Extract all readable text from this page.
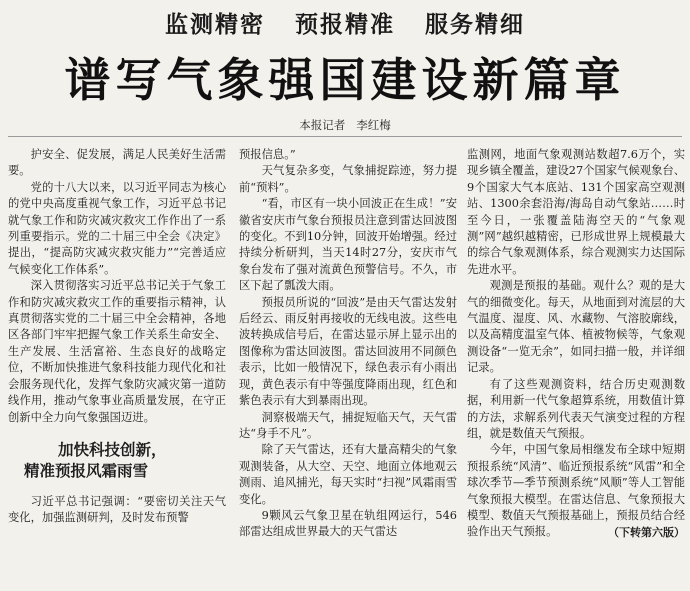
监测精密   预报精准   服务精细
谱写气象强国建设新篇章
本报记者   李红梅

护安全、促发展，满足人民美好生活需要。

党的十八大以来，以习近平同志为核心的党中央高度重视气象工作，习近平总书记就气象工作和防灾减灾救灾工作作出了一系列重要指示。党的二十届三中全会《决定》提出，“提高防灾减灾救灾能力”“完善适应气候变化工作体系”。

深入贯彻落实习近平总书记关于气象工作和防灾减灾救灾工作的重要指示精神，认真贯彻落实党的二十届三中全会精神，各地区各部门牢牢把握气象工作关系生命安全、生产发展、生活富裕、生态良好的战略定位，不断加快推进气象科技能力现代化和社会服务现代化，发挥气象防灾减灾第一道防线作用，推动气象事业高质量发展，在守正创新中全力向气象强国迈进。

加快科技创新，
精准预报风霜雨雪

习近平总书记强调：“要密切关注天气变化，加强监测研判，及时发布预警

预报信息。”

天气复杂多变，气象捕捉踪迹，努力提前“预料”。

“看，市区有一块小回波正在生成！”安徽省安庆市气象台预报员注意到雷达回波图的变化。不到10分钟，回波开始增强。经过持续分析研判，当天14时27分，安庆市气象台发布了强对流黄色预警信号。不久，市区下起了瓢泼大雨。

预报员所说的“回波”是由天气雷达发射后经云、雨反射再接收的无线电波。这些电波转换成信号后，在雷达显示屏上显示出的图像称为雷达回波图。雷达回波用不同颜色表示，比如一般情况下，绿色表示有小雨出现，黄色表示有中等强度降雨出现，红色和紫色表示有大到暴雨出现。

洞察极端天气，捕捉短临天气，天气雷达“身手不凡”。

除了天气雷达，还有大量高精尖的气象观测装备，从大空、天空、地面立体地观云测雨、追风捕光，每天实时“扫视”风霜雨雪变化。

9颗风云气象卫星在轨组网运行，546部雷达组成世界最大的天气雷达

监测网，地面气象观测站数超7.6万个，实现乡镇全覆盖，建设27个国家气候观象台、9个国家大气本底站、131个国家高空观测站、1300余套沿海/海岛自动气象站……时至今日，一张覆盖陆海空天的“气象观测”网”越织越精密，已形成世界上规模最大的综合气象观测体系，综合观测实力达国际先进水平。

观测是预报的基础。观什么？观的是大气的细微变化。每天，从地面到对流层的大气温度、湿度、风、水藏物、气溶胶廓线，以及高精度温室气体、植被物候等，气象观测设备“一览无余”，如同扫描一般，并详细记录。

有了这些观测资料，结合历史观测数据，利用新一代气象超算系统，用数值计算的方法，求解系列代表天气演变过程的方程组，就是数值天气预报。

今年，中国气象局相继发布全球中短期预报系统“风清”、临近预报系统“风雷”和全球次季节—季节预测系统“风顺”等人工智能气象预报大模型。在雷达信息、气象预报大模型、数值天气预报基础上，预报员结合经验作出天气预报。	（下转第六版）
